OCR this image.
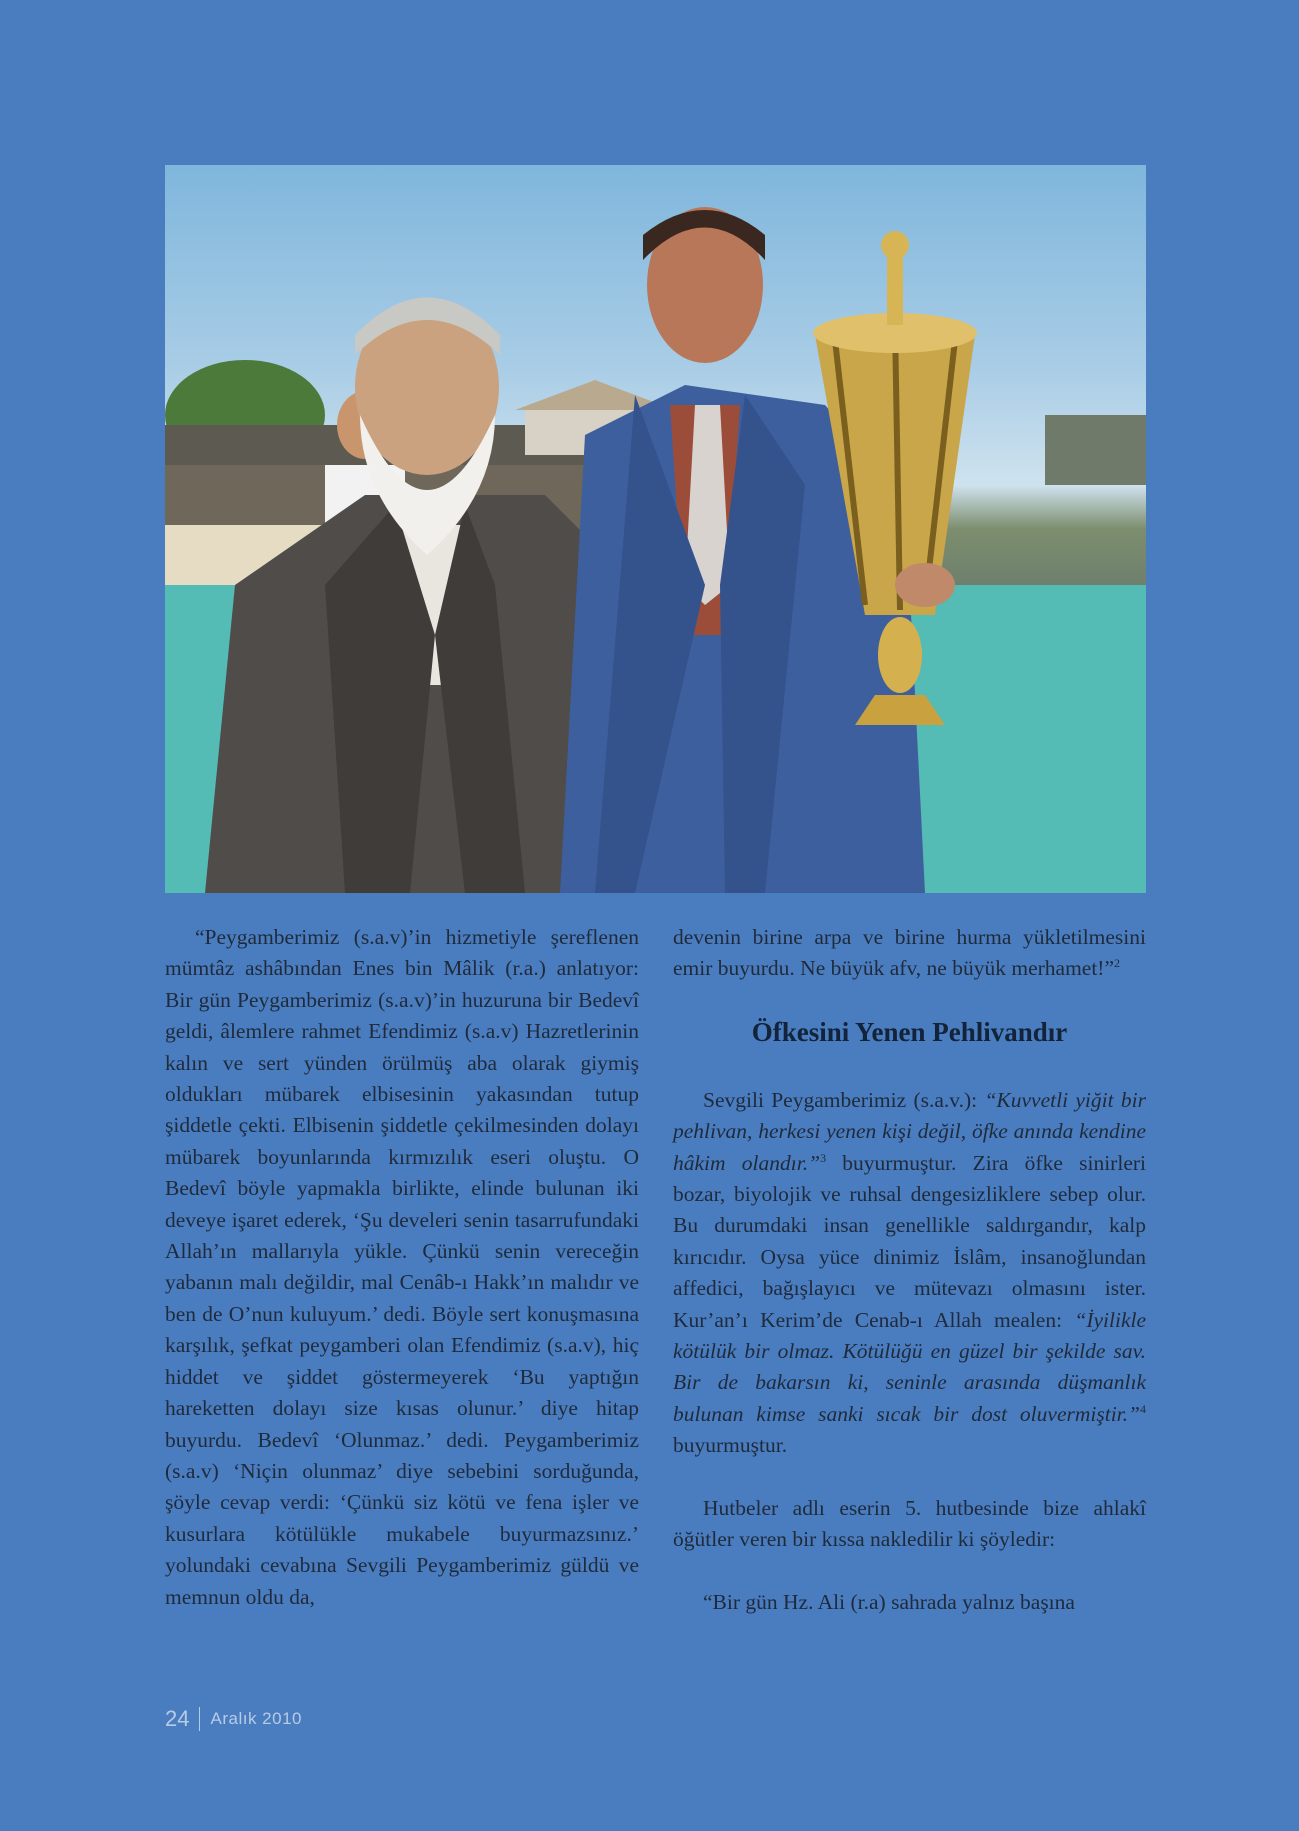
“Peygamberimiz (s.a.v)’in hizmetiyle şereflenen mümtâz ashâbından Enes bin Mâlik (r.a.) anlatıyor: Bir gün Peygamberimiz (s.a.v)’in huzuruna bir Bedevî geldi, âlemlere rahmet Efendimiz (s.a.v) Hazretlerinin kalın ve sert yünden örülmüş aba olarak giymiş oldukları mübarek elbisesinin yakasından tutup şiddetle çekti. Elbisenin şiddetle çekilmesinden dolayı mübarek boyunlarında kırmızılık eseri oluştu. O Bedevî böyle yapmakla birlikte, elinde bulunan iki deveye işaret ederek, ‘Şu develeri senin tasarrufundaki Allah’ın mallarıyla yükle. Çünkü senin vereceğin yabanın malı değildir, mal Cenâb-ı Hakk’ın malıdır ve ben de O’nun kuluyum.’ dedi. Böyle sert konuşmasına karşılık, şefkat peygamberi olan Efendimiz (s.a.v), hiç hiddet ve şiddet göstermeyerek ‘Bu yaptığın hareketten dolayı size kısas olunur.’ diye hitap buyurdu. Bedevî ‘Olunmaz.’ dedi. Peygamberimiz (s.a.v) ‘Niçin olunmaz’ diye sebebini sorduğunda, şöyle cevap verdi: ‘Çünkü siz kötü ve fena işler ve kusurlara kötülükle mukabele buyurmazsınız.’ yolundaki cevabına Sevgili Peygamberimiz güldü ve memnun oldu da,

devenin birine arpa ve birine hurma yükletilmesini emir buyurdu. Ne büyük afv, ne büyük merhamet!”$^2$

Öfkesini Yenen Pehlivandır

Sevgili Peygamberimiz (s.a.v.): “Kuvvetli yiğit bir pehlivan, herkesi yenen kişi değil, öfke anında kendine hâkim olandır.”$^3$ buyurmuştur. Zira öfke sinirleri bozar, biyolojik ve ruhsal dengesizliklere sebep olur. Bu durumdaki insan genellikle saldırgandır, kalp kırıcıdır. Oysa yüce dinimiz İslâm, insanoğlundan affedici, bağışlayıcı ve mütevazı olmasını ister. Kur’an’ı Kerim’de Cenab-ı Allah mealen: “İyilikle kötülük bir olmaz. Kötülüğü en güzel bir şekilde sav. Bir de bakarsın ki, seninle arasında düşmanlık bulunan kimse sanki sıcak bir dost oluvermiştir.”$^4$ buyurmuştur.

Hutbeler adlı eserin 5. hutbesinde bize ahlakî öğütler veren bir kıssa nakledilir ki şöyledir:

“Bir gün Hz. Ali (r.a) sahrada yalnız başına

24 Aralık 2010
